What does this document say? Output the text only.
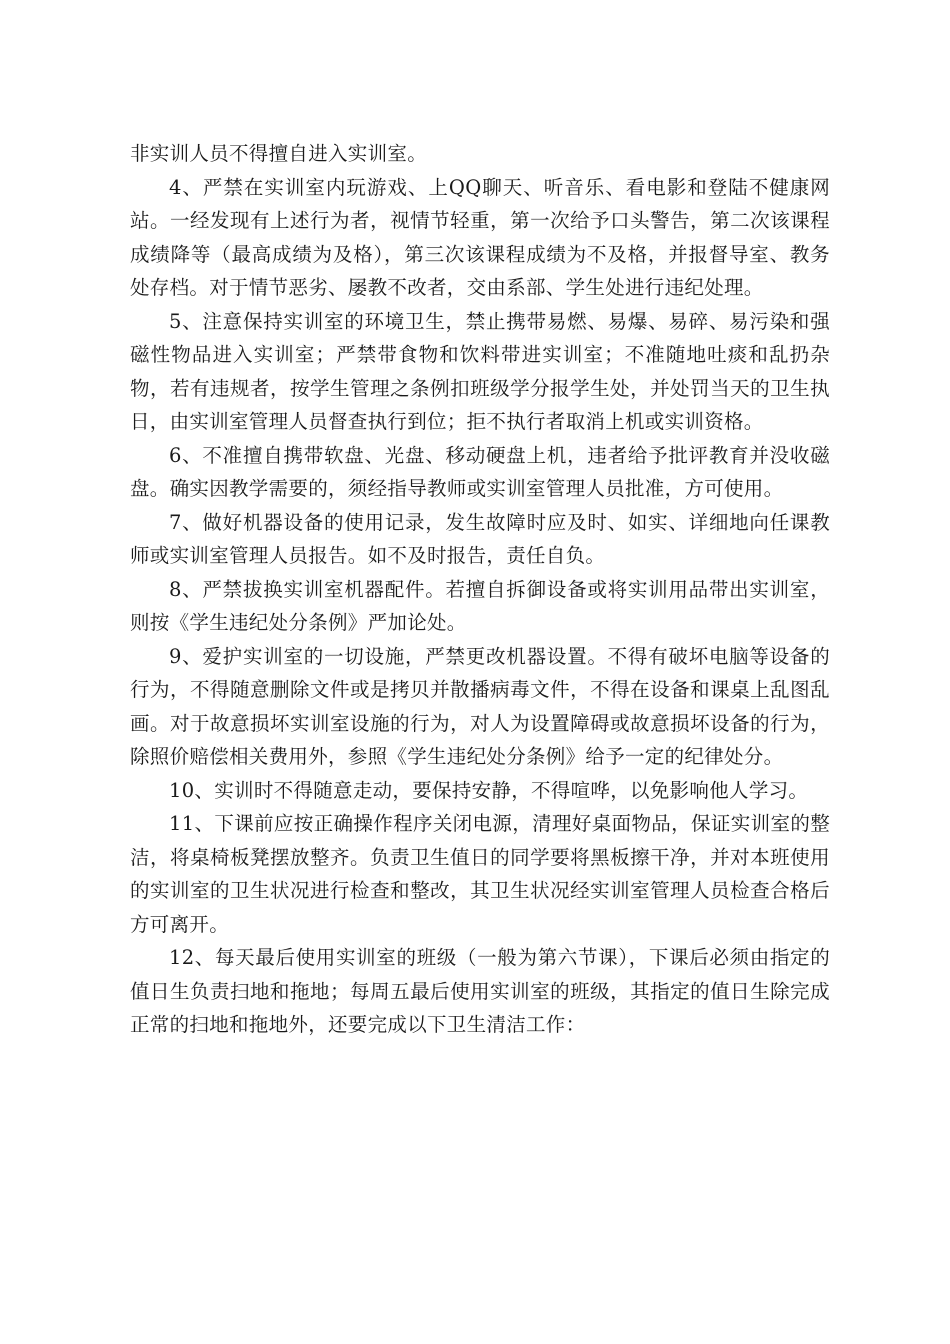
非实训人员不得擅自进入实训室。

4、严禁在实训室内玩游戏、上QQ聊天、听音乐、看电影和登陆不健康网站。一经发现有上述行为者，视情节轻重，第一次给予口头警告，第二次该课程成绩降等（最高成绩为及格），第三次该课程成绩为不及格，并报督导室、教务处存档。对于情节恶劣、屡教不改者，交由系部、学生处进行违纪处理。

5、注意保持实训室的环境卫生，禁止携带易燃、易爆、易碎、易污染和强磁性物品进入实训室；严禁带食物和饮料带进实训室；不准随地吐痰和乱扔杂物，若有违规者，按学生管理之条例扣班级学分报学生处，并处罚当天的卫生执日，由实训室管理人员督查执行到位；拒不执行者取消上机或实训资格。

6、不准擅自携带软盘、光盘、移动硬盘上机，违者给予批评教育并没收磁盘。确实因教学需要的，须经指导教师或实训室管理人员批准，方可使用。

7、做好机器设备的使用记录，发生故障时应及时、如实、详细地向任课教师或实训室管理人员报告。如不及时报告，责任自负。

8、严禁拔换实训室机器配件。若擅自拆御设备或将实训用品带出实训室，则按《学生违纪处分条例》严加论处。

9、爱护实训室的一切设施，严禁更改机器设置。不得有破坏电脑等设备的行为，不得随意删除文件或是拷贝并散播病毒文件，不得在设备和课桌上乱图乱画。对于故意损坏实训室设施的行为，对人为设置障碍或故意损坏设备的行为，除照价赔偿相关费用外，参照《学生违纪处分条例》给予一定的纪律处分。

10、实训时不得随意走动，要保持安静，不得喧哗，以免影响他人学习。

11、下课前应按正确操作程序关闭电源，清理好桌面物品，保证实训室的整洁，将桌椅板凳摆放整齐。负责卫生值日的同学要将黑板擦干净，并对本班使用的实训室的卫生状况进行检查和整改，其卫生状况经实训室管理人员检查合格后方可离开。

12、每天最后使用实训室的班级（一般为第六节课），下课后必须由指定的值日生负责扫地和拖地；每周五最后使用实训室的班级，其指定的值日生除完成正常的扫地和拖地外，还要完成以下卫生清洁工作：
